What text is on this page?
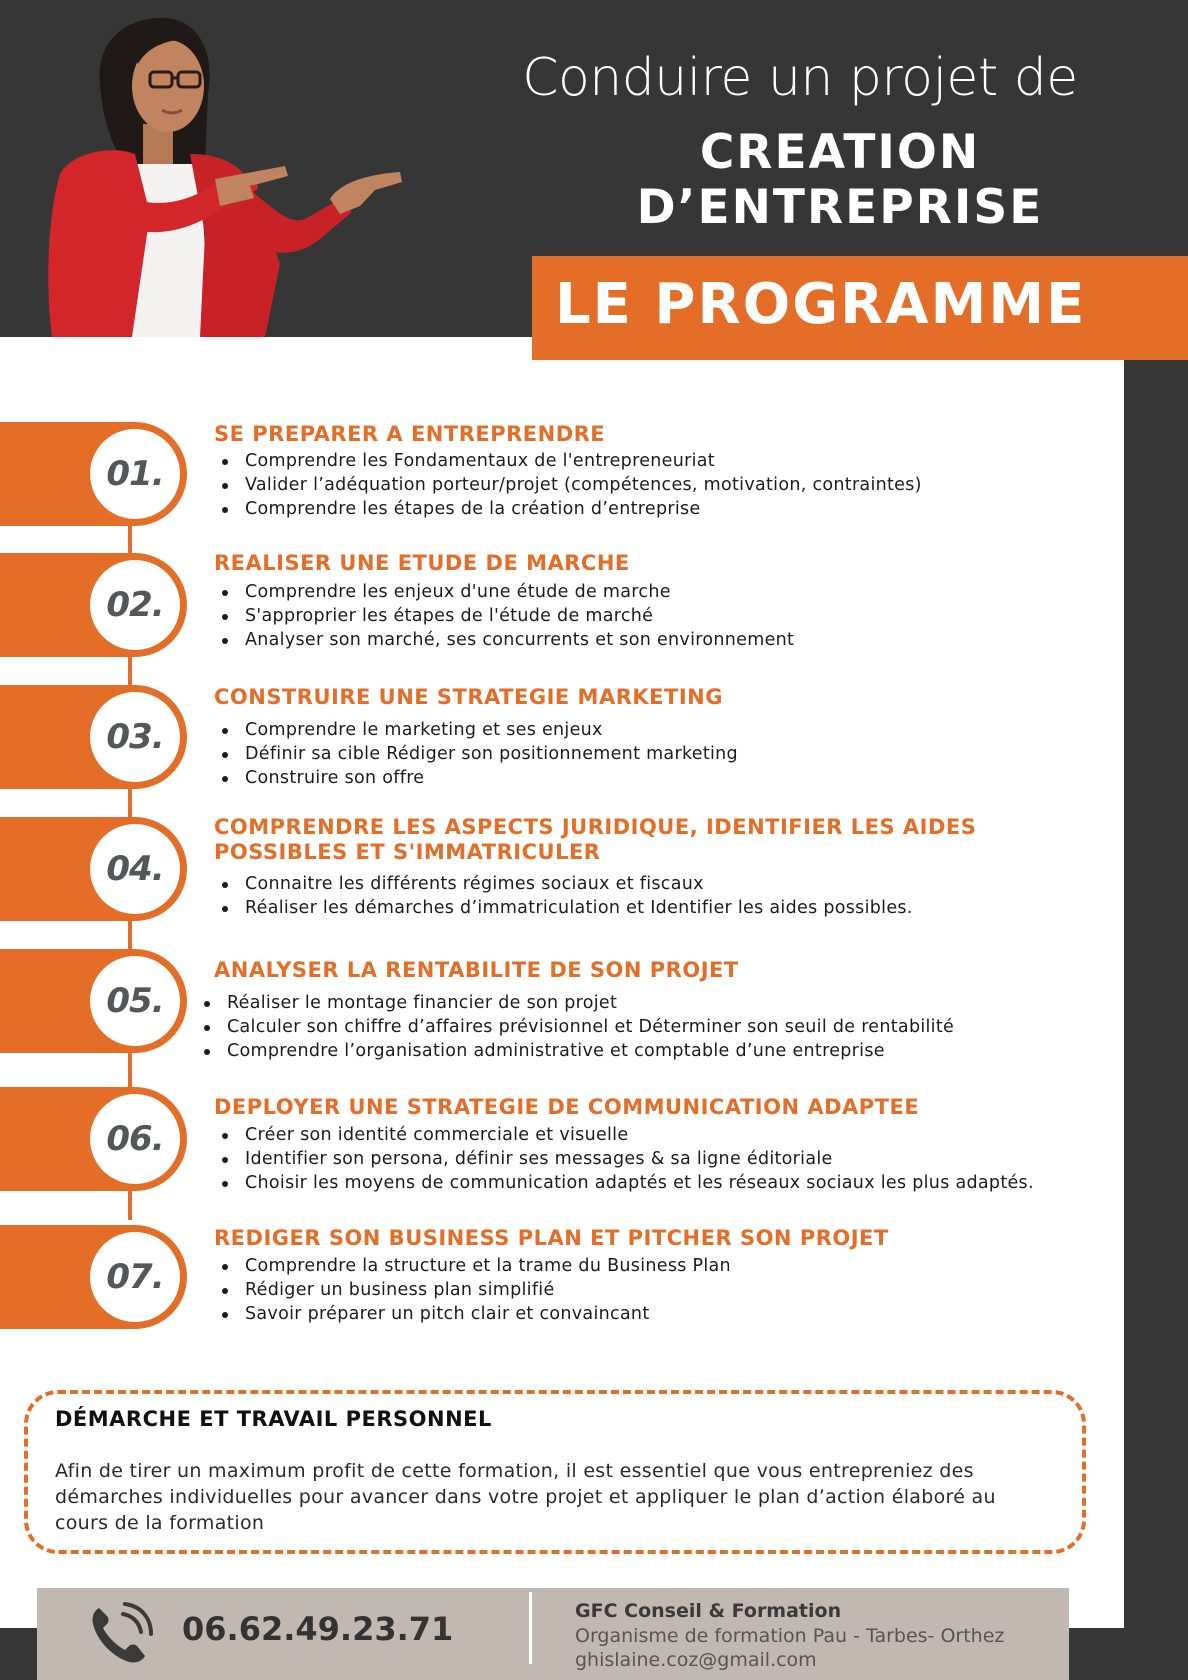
Conduire un projet de
CREATION D’ENTREPRISE
LE PROGRAMME
01.
SE PREPARER A ENTREPRENDRE
Comprendre les Fondamentaux de l'entrepreneuriat
Valider l’adéquation porteur/projet (compétences, motivation, contraintes)
Comprendre les étapes de la création d’entreprise
02.
REALISER UNE ETUDE DE MARCHE
Comprendre les enjeux d'une étude de marche
S'approprier les étapes de l'étude de marché
Analyser son marché, ses concurrents et son environnement
03.
CONSTRUIRE UNE STRATEGIE MARKETING
Comprendre le marketing et ses enjeux
Définir sa cible Rédiger son positionnement marketing
Construire son offre
04.
COMPRENDRE LES ASPECTS JURIDIQUE, IDENTIFIER LES AIDES
POSSIBLES ET S'IMMATRICULER
Connaitre les différents régimes sociaux et fiscaux
Réaliser les démarches d’immatriculation et Identifier les aides possibles.
05.
ANALYSER LA RENTABILITE DE SON PROJET
Réaliser le montage financier de son projet
Calculer son chiffre d’affaires prévisionnel et Déterminer son seuil de rentabilité
Comprendre l’organisation administrative et comptable d’une entreprise
06.
DEPLOYER UNE STRATEGIE DE COMMUNICATION ADAPTEE
Créer son identité commerciale et visuelle
Identifier son persona, définir ses messages & sa ligne éditoriale
Choisir les moyens de communication adaptés et les réseaux sociaux les plus adaptés.
07.
REDIGER SON BUSINESS PLAN ET PITCHER SON PROJET
Comprendre la structure et la trame du Business Plan
Rédiger un business plan simplifié
Savoir préparer un pitch clair et convaincant
DÉMARCHE ET TRAVAIL PERSONNEL
Afin de tirer un maximum profit de cette formation, il est essentiel que vous entrepreniez des démarches individuelles pour avancer dans votre projet et appliquer le plan d’action élaboré au cours de la formation
06.62.49.23.71	GFC Conseil & Formation
Organisme de formation Pau - Tarbes- Orthez
ghislaine.coz@gmail.com
